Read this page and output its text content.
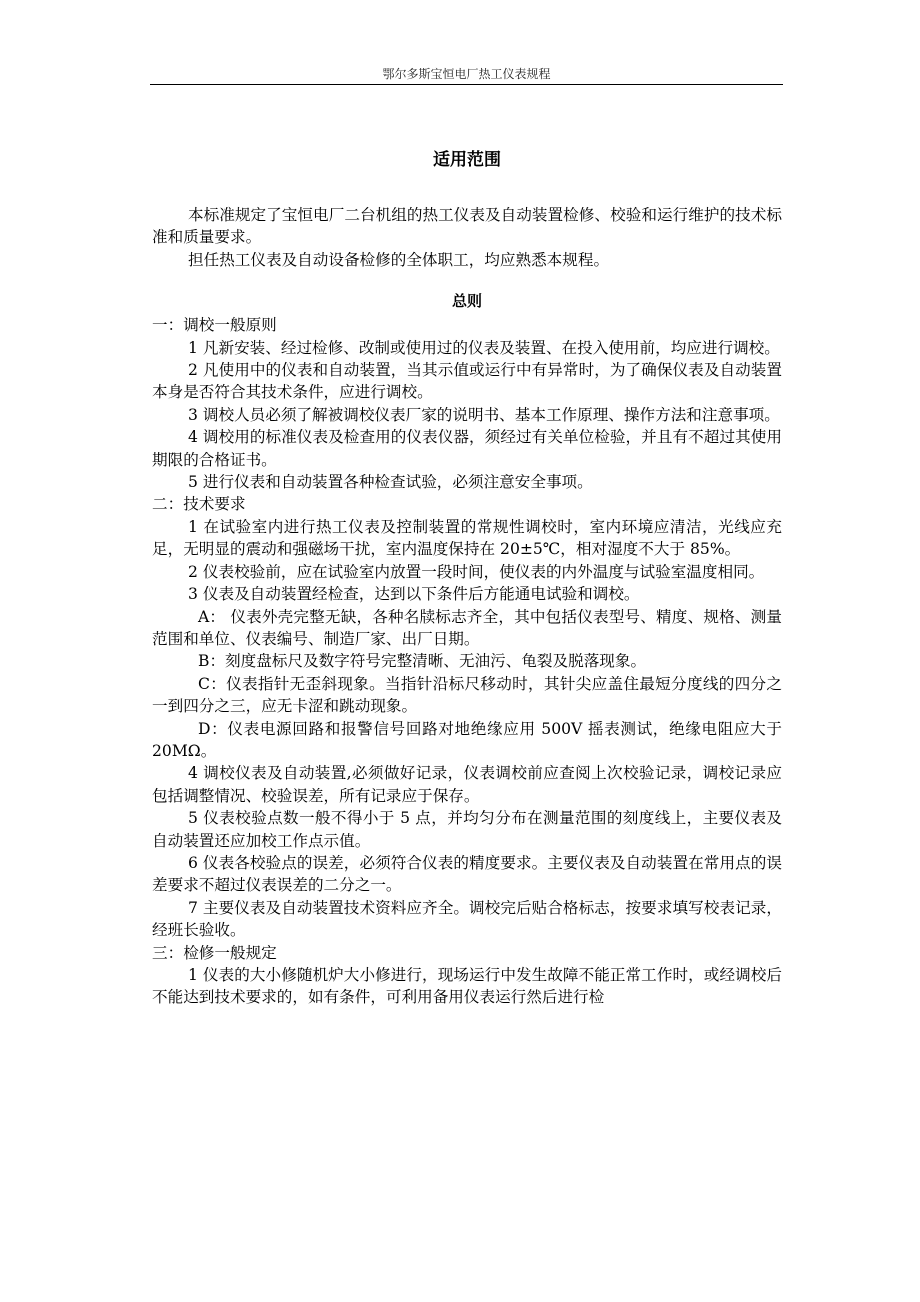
鄂尔多斯宝恒电厂热工仪表规程
适用范围

本标准规定了宝恒电厂二台机组的热工仪表及自动装置检修、校验和运行维护的技术标准和质量要求。

担任热工仪表及自动设备检修的全体职工，均应熟悉本规程。

总则

一：调校一般原则

1 凡新安装、经过检修、改制或使用过的仪表及装置、在投入使用前，均应进行调校。

2 凡使用中的仪表和自动装置，当其示值或运行中有异常时，为了确保仪表及自动装置本身是否符合其技术条件，应进行调校。

3 调校人员必须了解被调校仪表厂家的说明书、基本工作原理、操作方法和注意事项。

4 调校用的标准仪表及检查用的仪表仪器，须经过有关单位检验，并且有不超过其使用期限的合格证书。

5 进行仪表和自动装置各种检查试验，必须注意安全事项。

二：技术要求

1 在试验室内进行热工仪表及控制装置的常规性调校时，室内环境应清洁，光线应充足，无明显的震动和强磁场干扰，室内温度保持在 20±5℃，相对湿度不大于 85%。

2 仪表校验前，应在试验室内放置一段时间，使仪表的内外温度与试验室温度相同。

3 仪表及自动装置经检查，达到以下条件后方能通电试验和调校。

A： 仪表外壳完整无缺，各种名牍标志齐全，其中包括仪表型号、精度、规格、测量范围和单位、仪表编号、制造厂家、出厂日期。

B：刻度盘标尺及数字符号完整清晰、无油污、龟裂及脱落现象。

C：仪表指针无歪斜现象。当指针沿标尺移动时，其针尖应盖住最短分度线的四分之一到四分之三，应无卡涩和跳动现象。

D：仪表电源回路和报警信号回路对地绝缘应用 500V 摇表测试，绝缘电阻应大于 20MΩ。

4 调校仪表及自动装置,必须做好记录，仪表调校前应查阅上次校验记录，调校记录应包括调整情况、校验误差，所有记录应于保存。

5 仪表校验点数一般不得小于 5 点，并均匀分布在测量范围的刻度线上，主要仪表及自动装置还应加校工作点示值。

6 仪表各校验点的误差，必须符合仪表的精度要求。主要仪表及自动装置在常用点的误差要求不超过仪表误差的二分之一。

7 主要仪表及自动装置技术资料应齐全。调校完后贴合格标志，按要求填写校表记录，经班长验收。

三：检修一般规定

1 仪表的大小修随机炉大小修进行，现场运行中发生故障不能正常工作时，或经调校后不能达到技术要求的，如有条件，可利用备用仪表运行然后进行检
